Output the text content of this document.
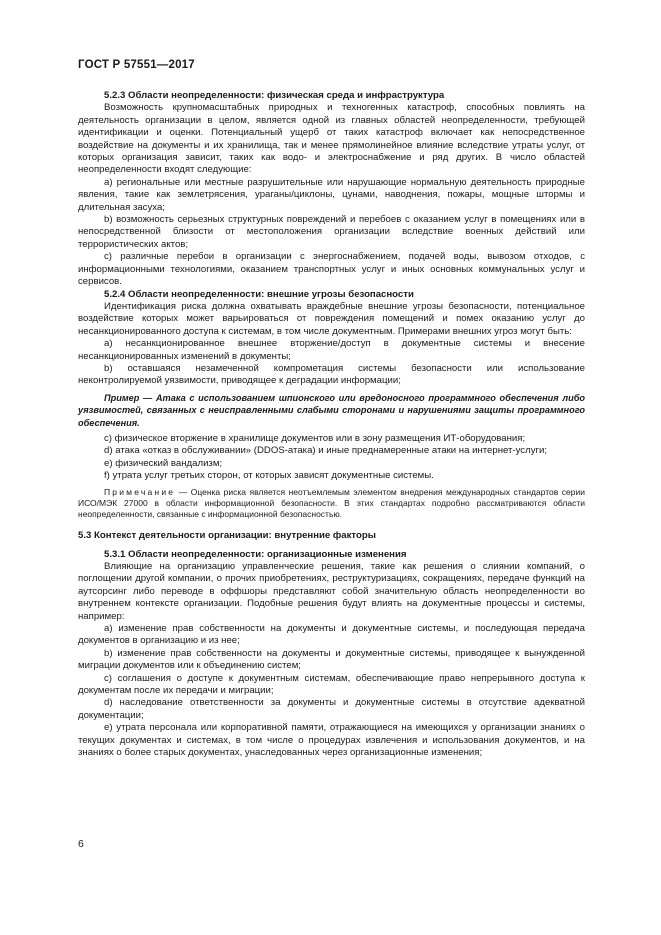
ГОСТ Р 57551—2017
5.2.3 Области неопределенности: физическая среда и инфраструктура

Возможность крупномасштабных природных и техногенных катастроф, способных повлиять на деятельность организации в целом, является одной из главных областей неопределенности, требующей идентификации и оценки. Потенциальный ущерб от таких катастроф включает как непосредственное воздействие на документы и их хранилища, так и менее прямолинейное влияние вследствие утраты услуг, от которых организация зависит, таких как водо- и электроснабжение и ряд других. В число областей неопределенности входят следующие:

a) региональные или местные разрушительные или нарушающие нормальную деятельность природные явления, такие как землетрясения, ураганы/циклоны, цунами, наводнения, пожары, мощные штормы и длительная засуха;

b) возможность серьезных структурных повреждений и перебоев с оказанием услуг в помещениях или в непосредственной близости от местоположения организации вследствие военных действий или террористических актов;

c) различные перебои в организации с энергоснабжением, подачей воды, вывозом отходов, с информационными технологиями, оказанием транспортных услуг и иных основных коммунальных услуг и сервисов.

5.2.4 Области неопределенности: внешние угрозы безопасности

Идентификация риска должна охватывать враждебные внешние угрозы безопасности, потенциальное воздействие которых может варьироваться от повреждения помещений и помех оказанию услуг до несанкционированного доступа к системам, в том числе документным. Примерами внешних угроз могут быть:

a) несанкционированное внешнее вторжение/доступ в документные системы и внесение несанкционированных изменений в документы;

b) оставшаяся незамеченной компрометация системы безопасности или использование неконтролируемой уязвимости, приводящее к деградации информации;

Пример — Атака с использованием шпионского или вредоносного программного обеспечения либо уязвимостей, связанных с неисправленными слабыми сторонами и нарушениями защиты программного обеспечения.

c) физическое вторжение в хранилище документов или в зону размещения ИТ-оборудования;

d) атака «отказ в обслуживании» (DDOS-атака) и иные преднамеренные атаки на интернет-услуги;

e) физический вандализм;

f) утрата услуг третьих сторон, от которых зависят документные системы.

Примечание — Оценка риска является неотъемлемым элементом внедрения международных стандартов серии ИСО/МЭК 27000 в области информационной безопасности. В этих стандартах подробно рассматриваются области неопределенности, связанные с информационной безопасностью.

5.3 Контекст деятельности организации: внутренние факторы
5.3.1 Области неопределенности: организационные изменения

Влияющие на организацию управленческие решения, такие как решения о слиянии компаний, о поглощении другой компании, о прочих приобретениях, реструктуризациях, сокращениях, передаче функций на аутсорсинг либо переводе в оффшоры представляют собой значительную область неопределенности во внутреннем контексте организации. Подобные решения будут влиять на документные процессы и системы, например:

a) изменение прав собственности на документы и документные системы, и последующая передача документов в организацию и из нее;

b) изменение прав собственности на документы и документные системы, приводящее к вынужденной миграции документов или к объединению систем;

c) соглашения о доступе к документным системам, обеспечивающие право непрерывного доступа к документам после их передачи и миграции;

d) наследование ответственности за документы и документные системы в отсутствие адекватной документации;

e) утрата персонала или корпоративной памяти, отражающиеся на имеющихся у организации знаниях о текущих документах и системах, в том числе о процедурах извлечения и использования документов, и на знаниях о более старых документах, унаследованных через организационные изменения;

6
